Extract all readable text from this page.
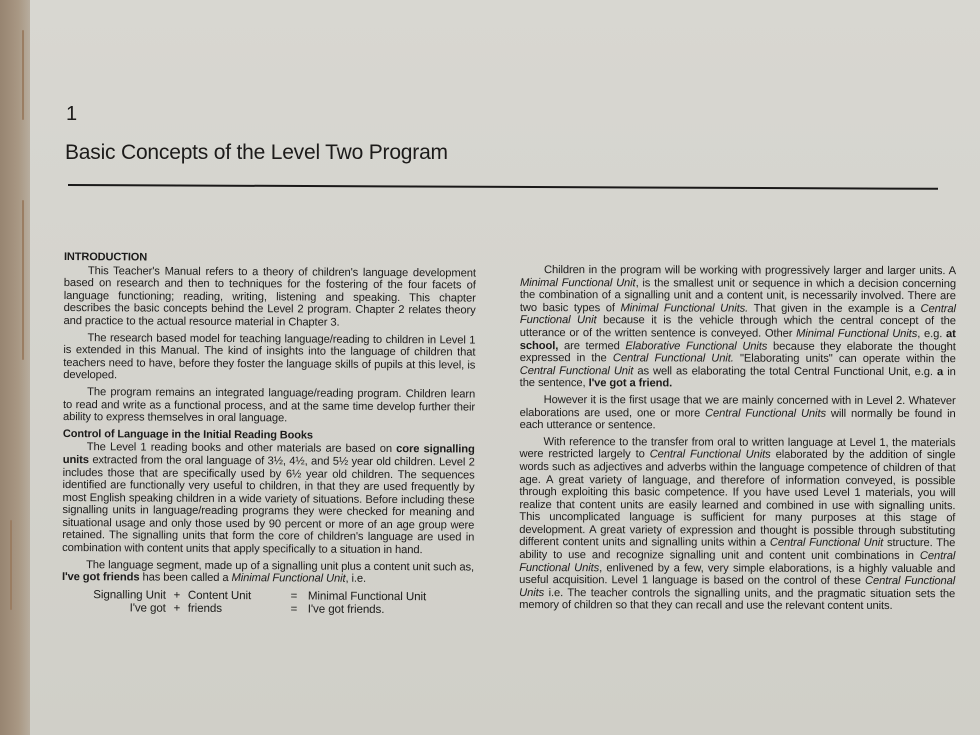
1
Basic Concepts of the Level Two Program
INTRODUCTION

This Teacher's Manual refers to a theory of children's language development based on research and then to techniques for the fostering of the four facets of language functioning; reading, writing, listening and speaking. This chapter describes the basic concepts behind the Level 2 program. Chapter 2 relates theory and practice to the actual resource material in Chapter 3.

The research based model for teaching language/reading to children in Level 1 is extended in this Manual. The kind of insights into the language of children that teachers need to have, before they foster the language skills of pupils at this level, is developed.

The program remains an integrated language/reading program. Children learn to read and write as a functional process, and at the same time develop further their ability to express themselves in oral language.

Control of Language in the Initial Reading Books

The Level 1 reading books and other materials are based on core signalling units extracted from the oral language of 3½, 4½, and 5½ year old children. Level 2 includes those that are specifically used by 6½ year old children. The sequences identified are functionally very useful to children, in that they are used frequently by most English speaking children in a wide variety of situations. Before including these signalling units in language/reading programs they were checked for meaning and situational usage and only those used by 90 percent or more of an age group were retained. The signalling units that form the core of children's language are used in combination with content units that apply specifically to a situation in hand.

The language segment, made up of a signalling unit plus a content unit such as, I've got friends has been called a Minimal Functional Unit, i.e.

Signalling Unit + Content Unit	= Minimal Functional Unit
I've got + friends	= I've got friends.

Children in the program will be working with progressively larger and larger units. A Minimal Functional Unit, is the smallest unit or sequence in which a decision concerning the combination of a signalling unit and a content unit, is necessarily involved. There are two basic types of Minimal Functional Units. That given in the example is a Central Functional Unit because it is the vehicle through which the central concept of the utterance or of the written sentence is conveyed. Other Minimal Functional Units, e.g. at school, are termed Elaborative Functional Units because they elaborate the thought expressed in the Central Functional Unit. "Elaborating units" can operate within the Central Functional Unit as well as elaborating the total Central Functional Unit, e.g. a in the sentence, I've got a friend.

However it is the first usage that we are mainly concerned with in Level 2. Whatever elaborations are used, one or more Central Functional Units will normally be found in each utterance or sentence.

With reference to the transfer from oral to written language at Level 1, the materials were restricted largely to Central Functional Units elaborated by the addition of single words such as adjectives and adverbs within the language competence of children of that age. A great variety of language, and therefore of information conveyed, is possible through exploiting this basic competence. If you have used Level 1 materials, you will realize that content units are easily learned and combined in use with signalling units. This uncomplicated language is sufficient for many purposes at this stage of development. A great variety of expression and thought is possible through substituting different content units and signalling units within a Central Functional Unit structure. The ability to use and recognize signalling unit and content unit combinations in Central Functional Units, enlivened by a few, very simple elaborations, is a highly valuable and useful acquisition. Level 1 language is based on the control of these Central Functional Units i.e. The teacher controls the signalling units, and the pragmatic situation sets the memory of children so that they can recall and use the relevant content units.
